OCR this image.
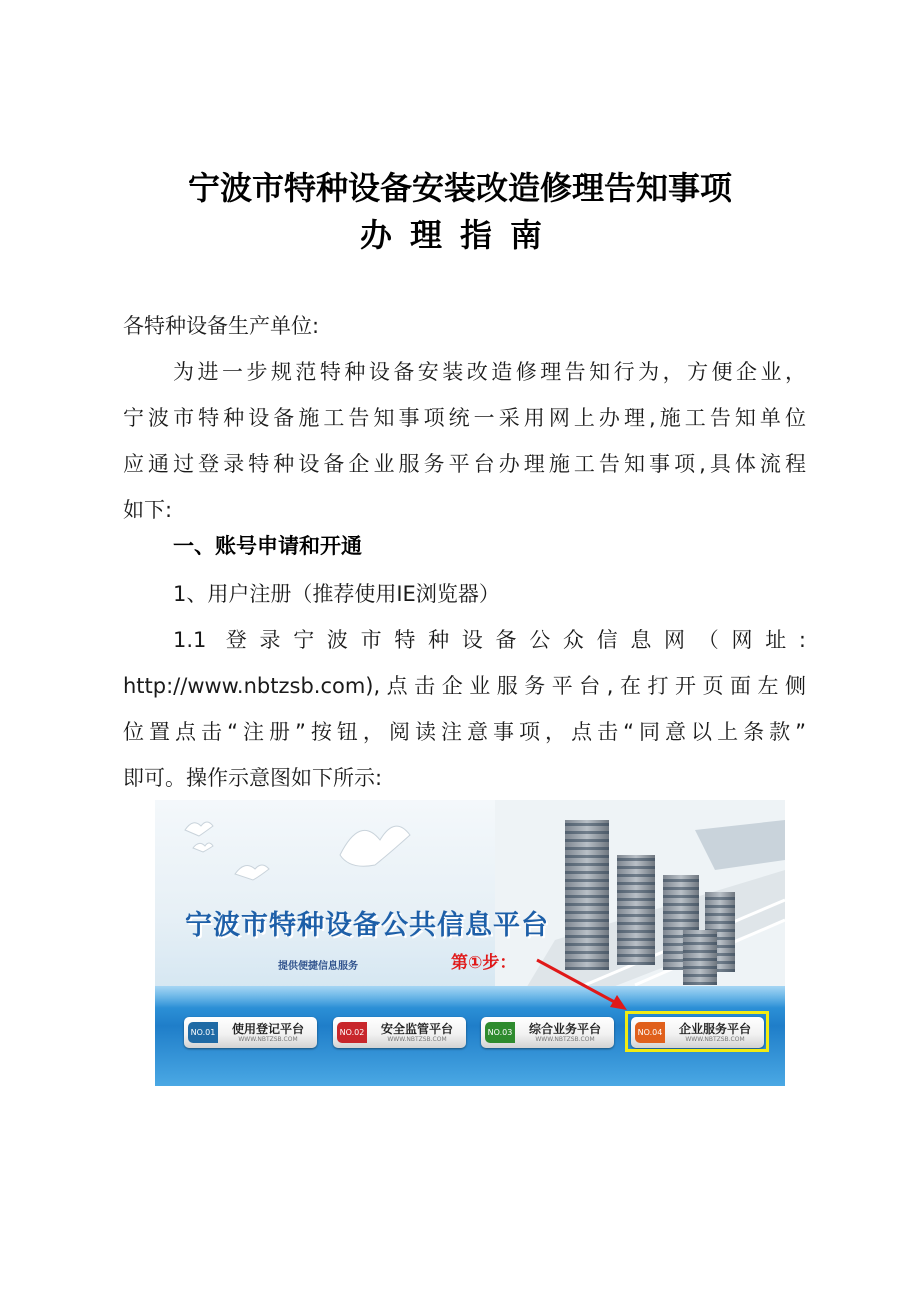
宁波市特种设备安装改造修理告知事项
办理指南
各特种设备生产单位:
为进一步规范特种设备安装改造修理告知行为，方便企业，
宁波市特种设备施工告知事项统一采用网上办理,施工告知单位
应通过登录特种设备企业服务平台办理施工告知事项,具体流程
如下:
一、账号申请和开通
1、用户注册（推荐使用IE浏览器）
1.1 登录宁波市特种设备公众信息网（网址:
http://www.nbtzsb.com),点击企业服务平台,在打开页面左侧
位置点击“注册”按钮，阅读注意事项，点击“同意以上条款”
即可。操作示意图如下所示:
宁波市特种设备公共信息平台
提供便捷信息服务	第①步：
NO.01	使用登记平台
WWW.NBTZSB.COM
NO.02	安全监管平台
WWW.NBTZSB.COM
NO.03	综合业务平台
WWW.NBTZSB.COM
NO.04	企业服务平台
WWW.NBTZSB.COM
